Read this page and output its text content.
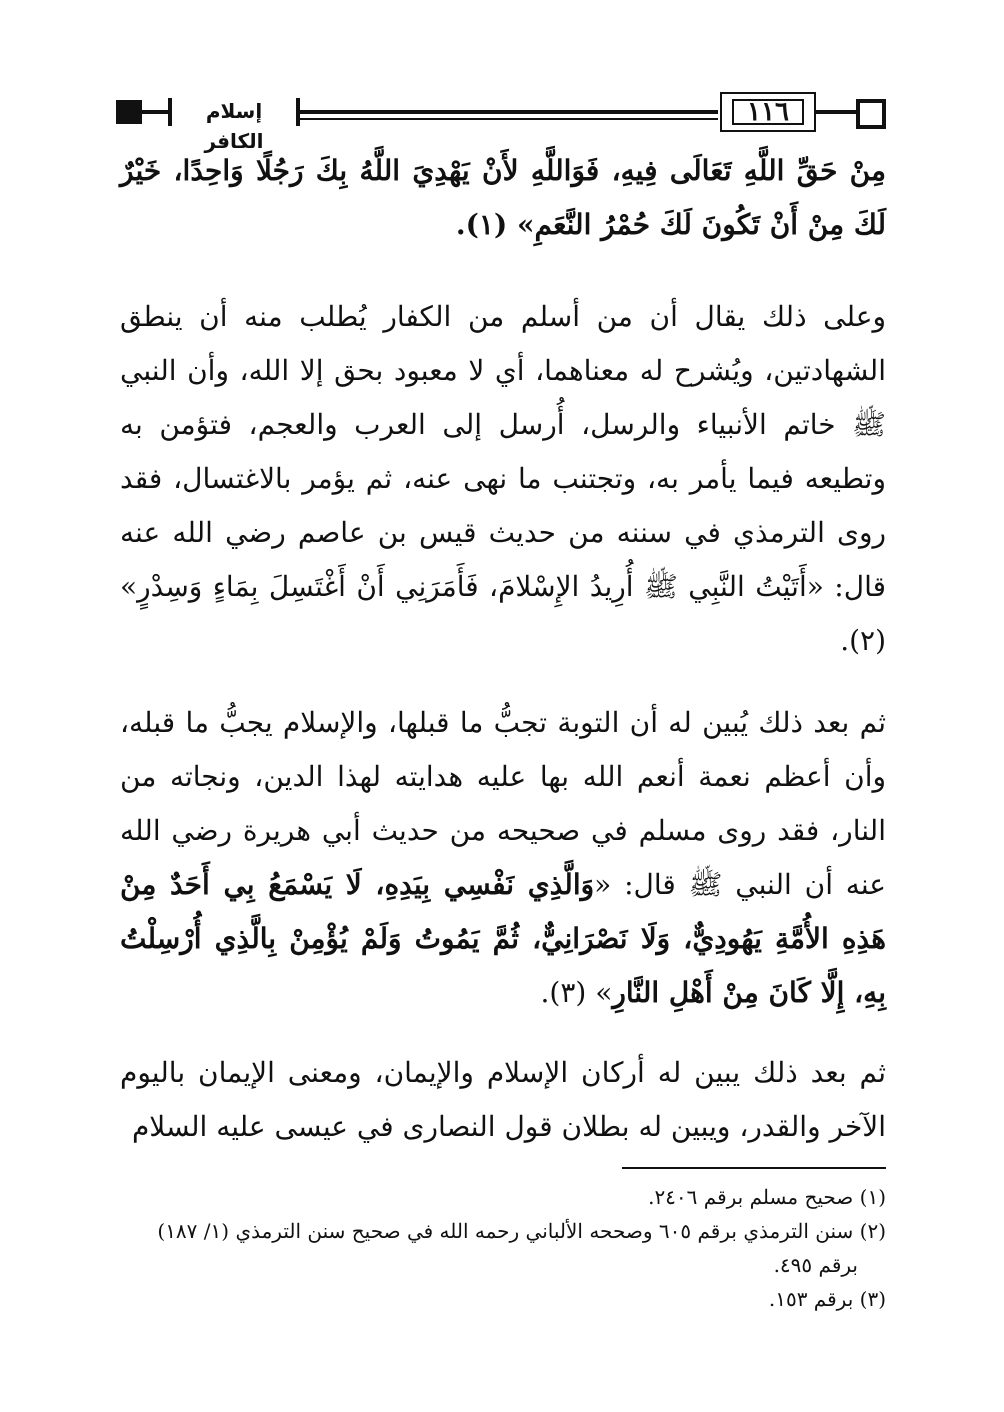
إسلام الكافر
١١٦

مِنْ حَقِّ اللَّهِ تَعَالَى فِيهِ، فَوَاللَّهِ لأَنْ يَهْدِيَ اللَّهُ بِكَ رَجُلًا وَاحِدًا، خَيْرٌ لَكَ مِنْ أَنْ تَكُونَ لَكَ حُمْرُ النَّعَمِ» (١).

وعلى ذلك يقال أن من أسلم من الكفار يُطلب منه أن ينطق الشهادتين، ويُشرح له معناهما، أي لا معبود بحق إلا الله، وأن النبي ﷺ خاتم الأنبياء والرسل، أُرسل إلى العرب والعجم، فتؤمن به وتطيعه فيما يأمر به، وتجتنب ما نهى عنه، ثم يؤمر بالاغتسال، فقد روى الترمذي في سننه من حديث قيس بن عاصم رضي الله عنه قال: «أَتَيْتُ النَّبِي ﷺ أُرِيدُ الإِسْلامَ، فَأَمَرَنِي أَنْ أَغْتَسِلَ بِمَاءٍ وَسِدْرٍ» (٢).

ثم بعد ذلك يُبين له أن التوبة تجبُّ ما قبلها، والإسلام يجبُّ ما قبله، وأن أعظم نعمة أنعم الله بها عليه هدايته لهذا الدين، ونجاته من النار، فقد روى مسلم في صحيحه من حديث أبي هريرة رضي الله عنه أن النبي ﷺ قال: «وَالَّذِي نَفْسِي بِيَدِهِ، لَا يَسْمَعُ بِي أَحَدٌ مِنْ هَذِهِ الأُمَّةِ يَهُودِيٌّ، وَلَا نَصْرَانِيٌّ، ثُمَّ يَمُوتُ وَلَمْ يُؤْمِنْ بِالَّذِي أُرْسِلْتُ بِهِ، إِلَّا كَانَ مِنْ أَهْلِ النَّارِ» (٣).

ثم بعد ذلك يبين له أركان الإسلام والإيمان، ومعنى الإيمان باليوم الآخر والقدر، ويبين له بطلان قول النصارى في عيسى عليه السلام

(١) صحيح مسلم برقم ٢٤٠٦.

(٢) سنن الترمذي برقم ٦٠٥ وصححه الألباني رحمه الله في صحيح سنن الترمذي (١/ ١٨٧)

برقم ٤٩٥.

(٣) برقم ١٥٣.
